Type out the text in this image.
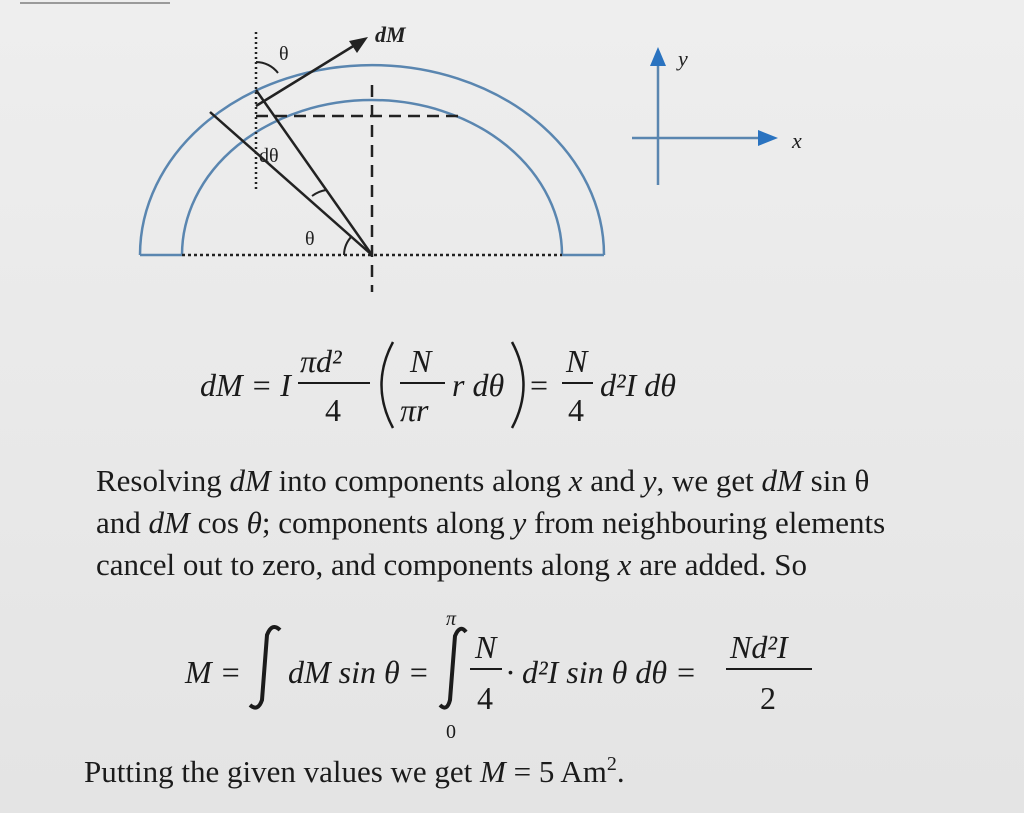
dM
θ
dθ
θ
y
x
dM = I
πd²
4
N
πr
r dθ =
N
4
d²I dθ
Resolving dM into components along x and y, we get dM sin θ
and dM cos θ; components along y from neighbouring elements
cancel out to zero, and components along x are added. So
M = dM sin θ =
π
0
N
4
· d²I sin θ dθ =
Nd²I
2
Putting the given values we get M = 5 Am$^2$.
